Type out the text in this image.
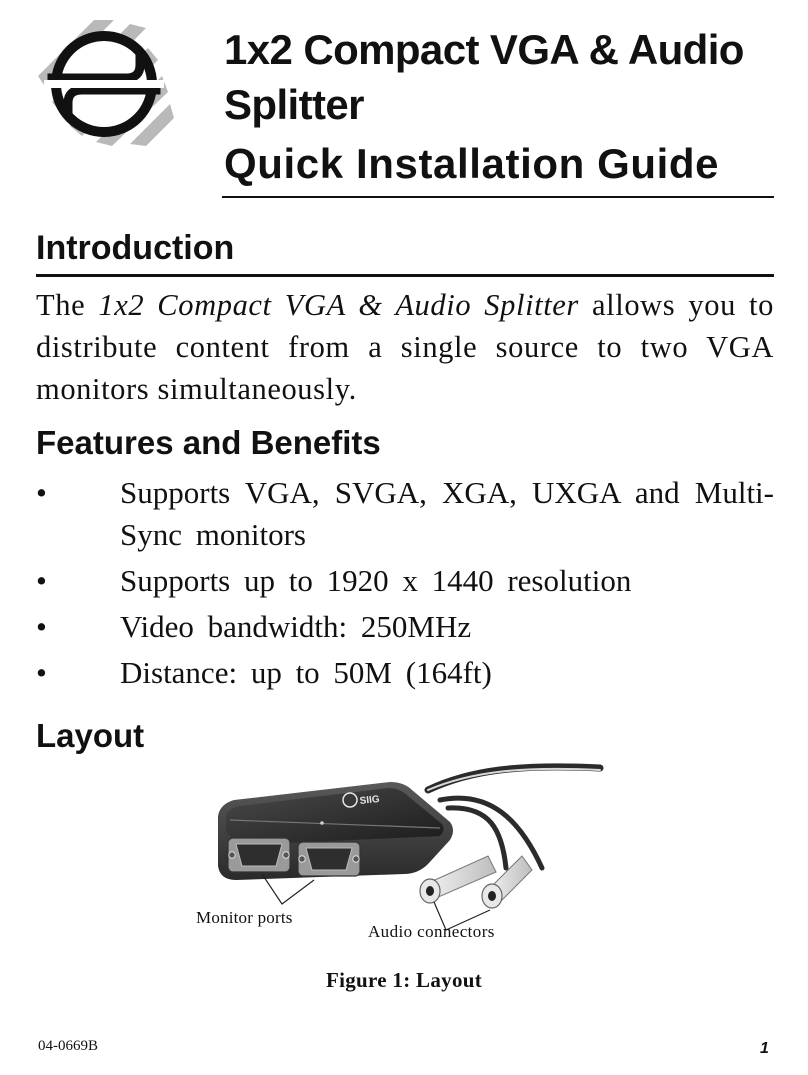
1x2 Compact VGA & Audio
Splitter
Quick Installation Guide
Introduction

The 1x2 Compact VGA & Audio Splitter allows you to distribute content from a single source to two VGA monitors simultaneously.

Features and Benefits
• Supports VGA, SVGA, XGA, UXGA and Multi-Sync monitors
• Supports up to 1920 x 1440 resolution
• Video bandwidth: 250MHz
• Distance: up to 50M (164ft)
Layout
SIIG
Monitor ports
Audio connectors
Figure 1: Layout
04-0669B	1
